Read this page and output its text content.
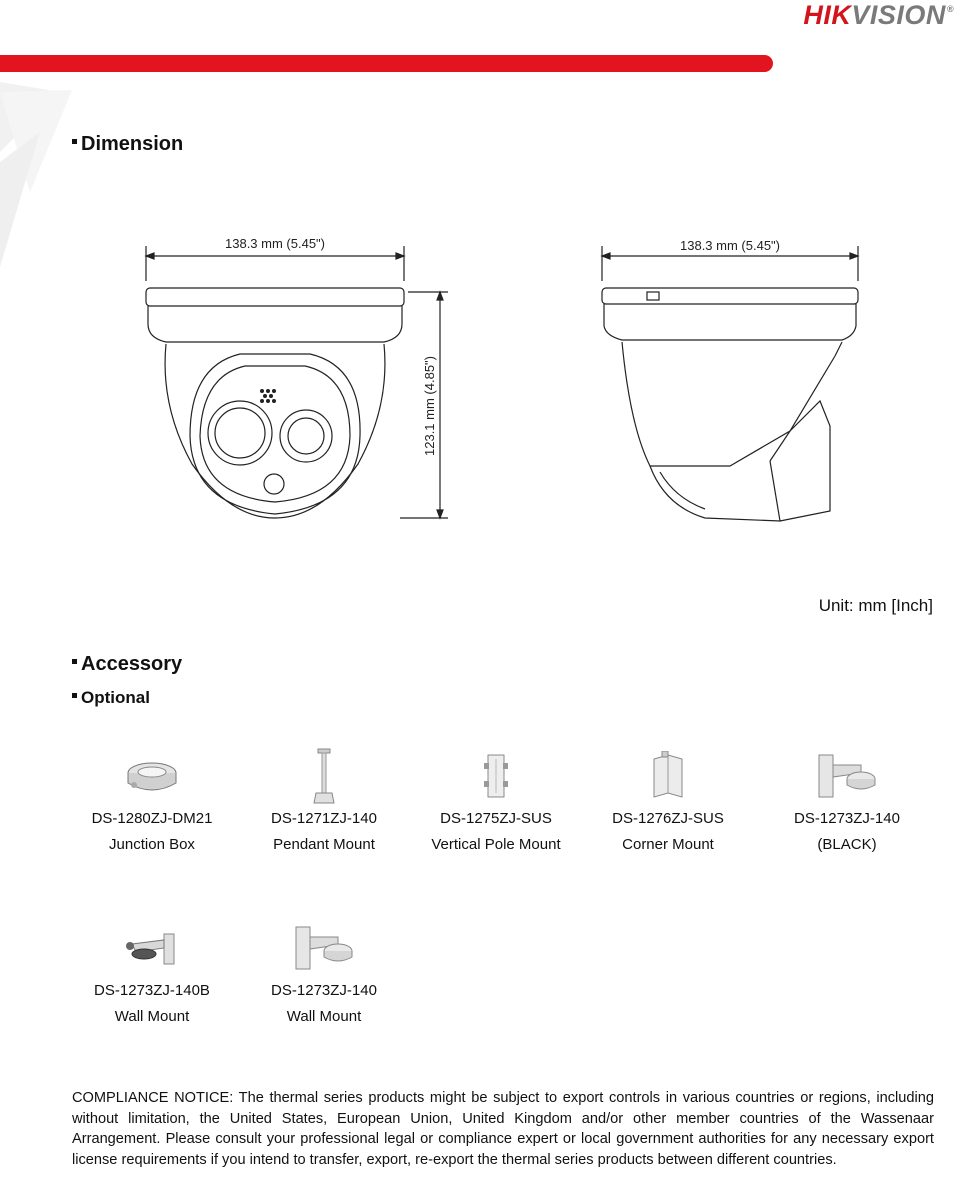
HIKVISION®
Dimension
138.3 mm (5.45")	138.3 mm (5.45")
123.1 mm (4.85")
Unit: mm [Inch]
Accessory
Optional
DS-1280ZJ-DM21
Junction Box
DS-1271ZJ-140
Pendant Mount
DS-1275ZJ-SUS
Vertical Pole Mount
DS-1276ZJ-SUS
Corner Mount
DS-1273ZJ-140
(BLACK)
DS-1273ZJ-140B
Wall Mount
DS-1273ZJ-140
Wall Mount
COMPLIANCE NOTICE: The thermal series products might be subject to export controls in various countries or regions, including without limitation, the United States, European Union, United Kingdom and/or other member countries of the Wassenaar Arrangement. Please consult your professional legal or compliance expert or local government authorities for any necessary export license requirements if you intend to transfer, export, re-export the thermal series products between different countries.
